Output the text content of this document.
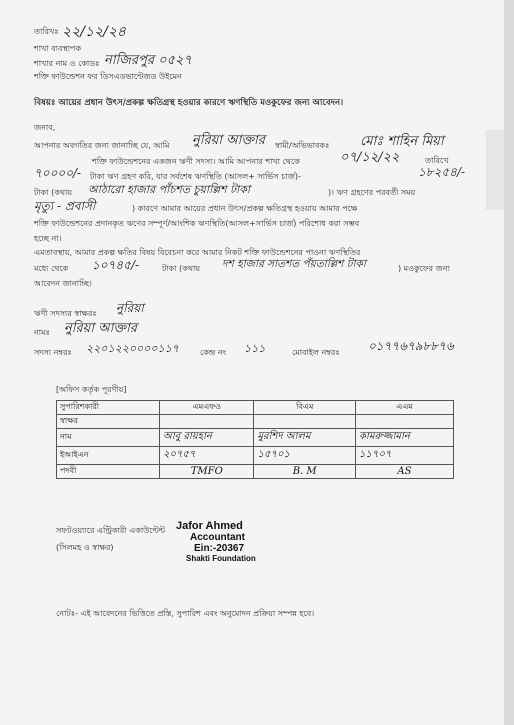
তারিখঃ ২২/১২/২৪
শাখা ব্যবস্থাপক
শাখার নাম ও কোডঃ নাজিরপুর ০৫২৭
শক্তি ফাউন্ডেশন ফর ডিসএডভান্টেজড উইমেন
বিষয়ঃ আয়ের প্রধান উৎস/প্রকল্প ক্ষতিগ্রস্থ হওয়ার কারণে ঋণস্থিতি মওকুফের জন্য আবেদন।
জনাব,
আপনার অবগতির জন্য জানাচ্ছি যে, আমি	নুরিয়া আক্তার স্বামী/অভিভাবকঃ মোঃ শাহিন মিয়া
শক্তি ফাউন্ডেশনের একজন ঋণী সদস্য। আমি আপনার শাখা থেকে	০৭/১২/২২	তারিখে
৭০০০০/- টাকা ঋণ গ্রহণ করি, যার সর্বশেষ ঋণস্থিতি (আসল+ সার্ভিস চার্জ)-	১৮২৫৪/-
টাকা (কথায় আঠারো হাজার পাঁচশত চুয়াল্লিশ টাকা	)। ঋণ গ্রহণের পরবর্তী সময়
মৃত্যু - প্রবাসী	) কারণে আমার আয়ের প্রধান উৎস/প্রকল্প ক্ষতিগ্রস্থ হওয়ায় আমার পক্ষে
শক্তি ফাউন্ডেশনের প্রদানকৃত ঋণের সম্পূর্ণ/আংশিক ঋণস্থিতি(আসল+সার্ভিস চার্জ) পরিশোধ করা সম্ভব
হচ্ছে না।
এমতাবস্থায়, আমার প্রকল্প ক্ষতির বিষয় বিবেচনা করে আমার নিকট শক্তি ফাউন্ডেশনের পাওনা ঋণস্থিতির
মধ্যে থেকে ১০৭৪৫/-	টাকা (কথায় দশ হাজার সাতশত পঁয়তাল্লিশ টাকা	) মওকুফের জন্য
আবেদন জানাচ্ছি।
ঋণী সদস্যর স্বাক্ষরঃ নুরিয়া
নামঃ নুরিয়া আক্তার
সদস্য নম্বরঃ ২২০১২২০০০০১১৭	কেন্দ্র নং ১১১	মোবাইল নম্বরঃ ০১৭৭৬৭৯৮৮৭৬
[অফিস কর্তৃক পূরণীয়]
সুপারিশকারী	এমএফও	বিএম	এএম
স্বাক্ষর			
নাম	আবু রায়হান	মুরশিদ আলম	কামরুজ্জামান
ইআইএন	২০৭৫৭	১৫৭০১	১১৭০৭
পদবী	TMFO	B. M	AS
সফটওয়্যারে এন্ট্রিকারী একাউন্টেন্ট
(সিলমহ ও স্বাক্ষর)
Jafor Ahmed
Accountant
Ein:-20367
Shakti Foundation
নোটঃ- এই আবেদনের ভিত্তিতে প্রস্তি, সুপারিশ এবং অনুমোদন প্রক্রিয়া সম্পন্ন হবে।
